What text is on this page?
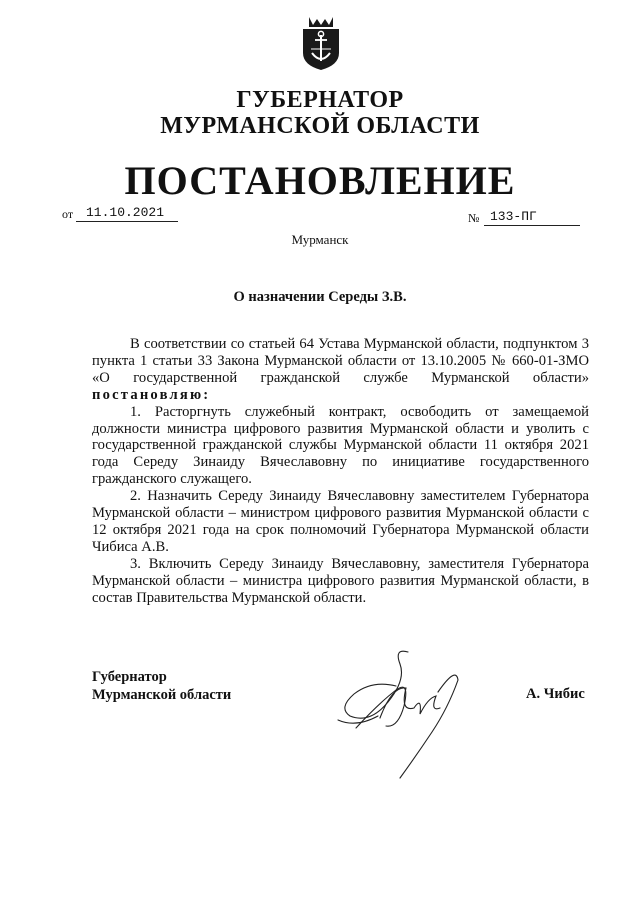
ГУБЕРНАТОР
МУРМАНСКОЙ ОБЛАСТИ
ПОСТАНОВЛЕНИЕ
от 11.10.2021	№ 133-ПГ
Мурманск
О назначении Середы З.В.

В соответствии со статьей 64 Устава Мурманской области, подпунктом 3 пункта 1 статьи 33 Закона Мурманской области от 13.10.2005 № 660-01-ЗМО «О государственной гражданской службе Мурманской области» постановляю:

1. Расторгнуть служебный контракт, освободить от замещаемой должности министра цифрового развития Мурманской области и уволить с государственной гражданской службы Мурманской области 11 октября 2021 года Середу Зинаиду Вячеславовну по инициативе государственного гражданского служащего.

2. Назначить Середу Зинаиду Вячеславовну заместителем Губернатора Мурманской области – министром цифрового развития Мурманской области с 12 октября 2021 года на срок полномочий Губернатора Мурманской области Чибиса А.В.

3. Включить Середу Зинаиду Вячеславовну, заместителя Губернатора Мурманской области – министра цифрового развития Мурманской области, в состав Правительства Мурманской области.

Губернатор
Мурманской области	А. Чибис
